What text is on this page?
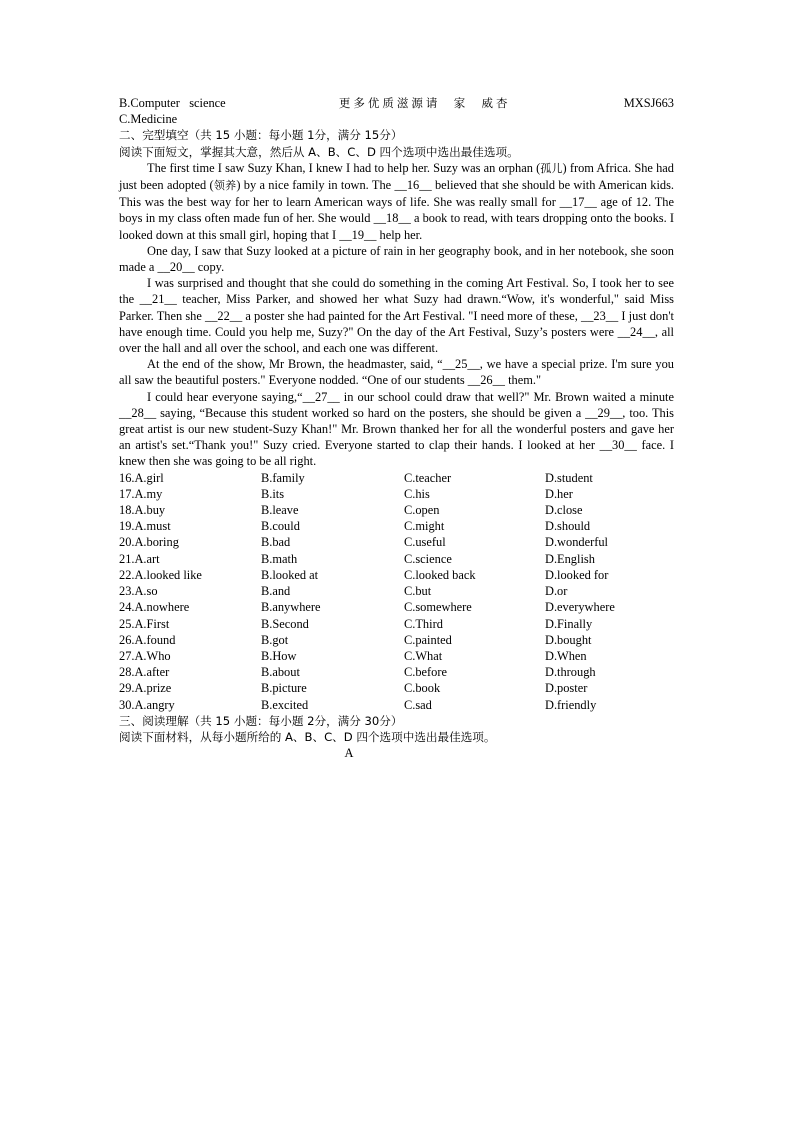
B.Computer   science	更多优质滋源请  家  威杏	MXSJ663
C.Medicine
二、完型填空（共 15 小题：每小题 1分，满分 15分）
阅读下面短文，掌握其大意，然后从 A、B、C、D 四个选项中选出最佳选项。

The first time I saw Suzy Khan, I knew I had to help her. Suzy was an orphan (孤儿) from Africa. She had just been adopted (领养) by a nice family in town. The __16__ believed that she should be with American kids. This was the best way for her to learn American ways of life. She was really small for __17__ age of 12. The boys in my class often made fun of her. She would __18__ a book to read, with tears dropping onto the books. I looked down at this small girl, hoping that I __19__ help her.

One day, I saw that Suzy looked at a picture of rain in her geography book, and in her notebook, she soon made a __20__ copy.

I was surprised and thought that she could do something in the coming Art Festival. So, I took her to see the __21__ teacher, Miss Parker, and showed her what Suzy had drawn.“Wow, it's wonderful," said Miss Parker. Then she __22__ a poster she had painted for the Art Festival. "I need more of these, __23__ I just don't have enough time. Could you help me, Suzy?" On the day of the Art Festival, Suzy’s posters were __24__, all over the hall and all over the school, and each one was different.

At the end of the show, Mr Brown, the headmaster, said, “__25__, we have a special prize. I'm sure you all saw the beautiful posters." Everyone nodded. “One of our students __26__ them."

I could hear everyone saying,“__27__ in our school could draw that well?" Mr. Brown waited a minute __28__ saying, “Because this student worked so hard on the posters, she should be given a __29__, too. This great artist is our new student-Suzy Khan!" Mr. Brown thanked her for all the wonderful posters and gave her an artist's set.“Thank you!" Suzy cried. Everyone started to clap their hands. I looked at her __30__ face. I knew then she was going to be all right.

16.A.girl	B.family	C.teacher	D.student
17.A.my	B.its	C.his	D.her
18.A.buy	B.leave	C.open	D.close
19.A.must	B.could	C.might	D.should
20.A.boring	B.bad	C.useful	D.wonderful
21.A.art	B.math	C.science	D.English
22.A.looked like	B.looked at	C.looked back	D.looked for
23.A.so	B.and	C.but	D.or
24.A.nowhere	B.anywhere	C.somewhere	D.everywhere
25.A.First	B.Second	C.Third	D.Finally
26.A.found	B.got	C.painted	D.bought
27.A.Who	B.How	C.What	D.When
28.A.after	B.about	C.before	D.through
29.A.prize	B.picture	C.book	D.poster
30.A.angry	B.excited	C.sad	D.friendly
三、阅读理解（共 15 小题：每小题 2分，满分 30分）
阅读下面材料，从每小题所给的 A、B、C、D 四个选项中选出最佳选项。
A
